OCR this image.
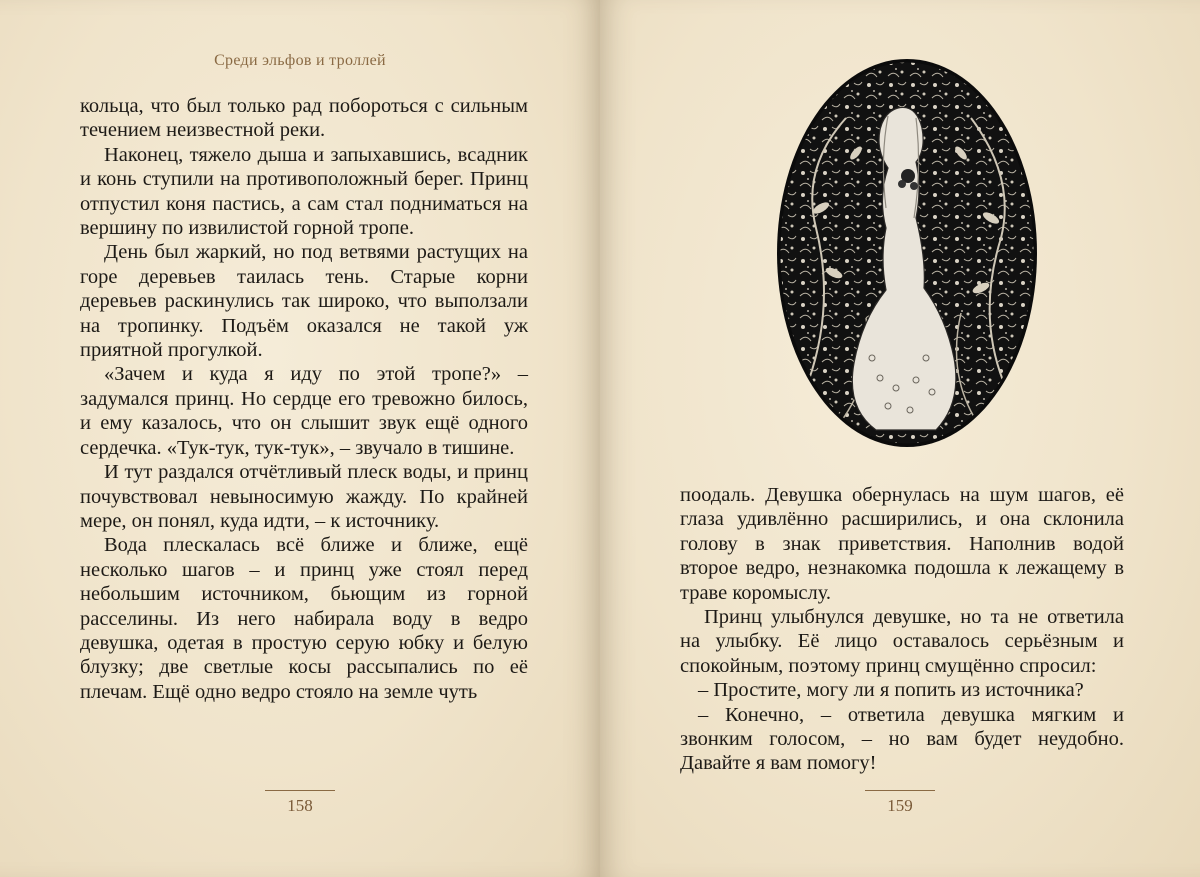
Среди эльфов и троллей

кольца, что был только рад побороться с сильным течением неизвестной реки.

Наконец, тяжело дыша и запыхавшись, всадник и конь ступили на противоположный берег. Принц отпустил коня пастись, а сам стал подниматься на вершину по извилистой горной тропе.

День был жаркий, но под ветвями растущих на горе деревьев таилась тень. Старые корни деревьев раскинулись так широко, что выползали на тропинку. Подъём оказался не такой уж приятной прогулкой.

«Зачем и куда я иду по этой тропе?» – задумался принц. Но сердце его тревожно билось, и ему казалось, что он слышит звук ещё одного сердечка. «Тук-тук, тук-тук», – звучало в тишине.

И тут раздался отчётливый плеск воды, и принц почувствовал невыносимую жажду. По крайней мере, он понял, куда идти, – к источнику.

Вода плескалась всё ближе и ближе, ещё несколько шагов – и принц уже стоял перед небольшим источником, бьющим из горной расселины. Из него набирала воду в ведро девушка, одетая в простую серую юбку и белую блузку; две светлые косы рассыпались по её плечам. Ещё одно ведро стояло на земле чуть

158	159

поодаль. Девушка обернулась на шум шагов, её глаза удивлённо расширились, и она склонила голову в знак приветствия. Наполнив водой второе ведро, незнакомка подошла к лежащему в траве коромыслу.

Принц улыбнулся девушке, но та не ответила на улыбку. Её лицо оставалось серьёзным и спокойным, поэтому принц смущённо спросил:

– Простите, могу ли я попить из источника?

– Конечно, – ответила девушка мягким и звонким голосом, – но вам будет неудобно. Давайте я вам помогу!
